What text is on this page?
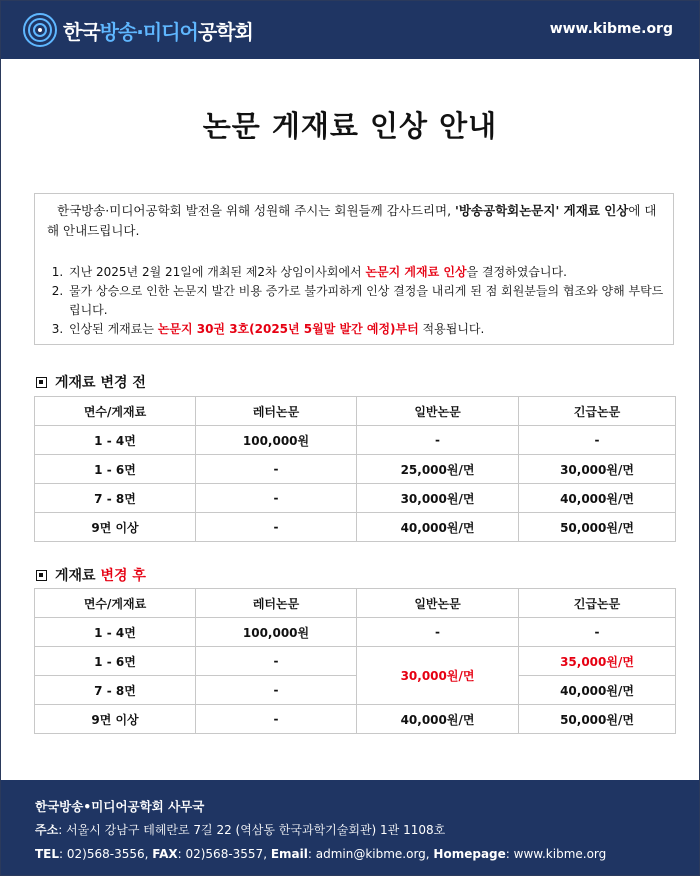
한국방송·미디어공학회	www.kibme.org
논문 게재료 인상 안내
한국방송·미디어공학회 발전을 위해 성원해 주시는 회원들께 감사드리며, '방송공학회논문지' 게재료 인상에 대해 안내드립니다.
1. 지난 2025년 2월 21일에 개최된 제2차 상임이사회에서 논문지 게재료 인상을 결정하였습니다.
2. 물가 상승으로 인한 논문지 발간 비용 증가로 불가피하게 인상 결정을 내리게 된 점 회원분들의 협조와 양해 부탁드립니다.
3. 인상된 게재료는 논문지 30권 3호(2025년 5월말 발간 예정)부터 적용됩니다.
게재료 변경 전
면수/게재료	레터논문	일반논문	긴급논문
1 - 4면	100,000원	-	-
1 - 6면	-	25,000원/면	30,000원/면
7 - 8면	-	30,000원/면	40,000원/면
9면 이상	-	40,000원/면	50,000원/면
게재료 변경 후
면수/게재료	레터논문	일반논문	긴급논문
1 - 4면	100,000원	-	-
1 - 6면	-	30,000원/면	35,000원/면
7 - 8면	-		40,000원/면
9면 이상	-	40,000원/면	50,000원/면
한국방송•미디어공학회 사무국
주소: 서울시 강남구 테헤란로 7길 22 (역삼동 한국과학기술회관) 1관 1108호
TEL: 02)568-3556, FAX: 02)568-3557, Email: admin@kibme.org, Homepage: www.kibme.org
